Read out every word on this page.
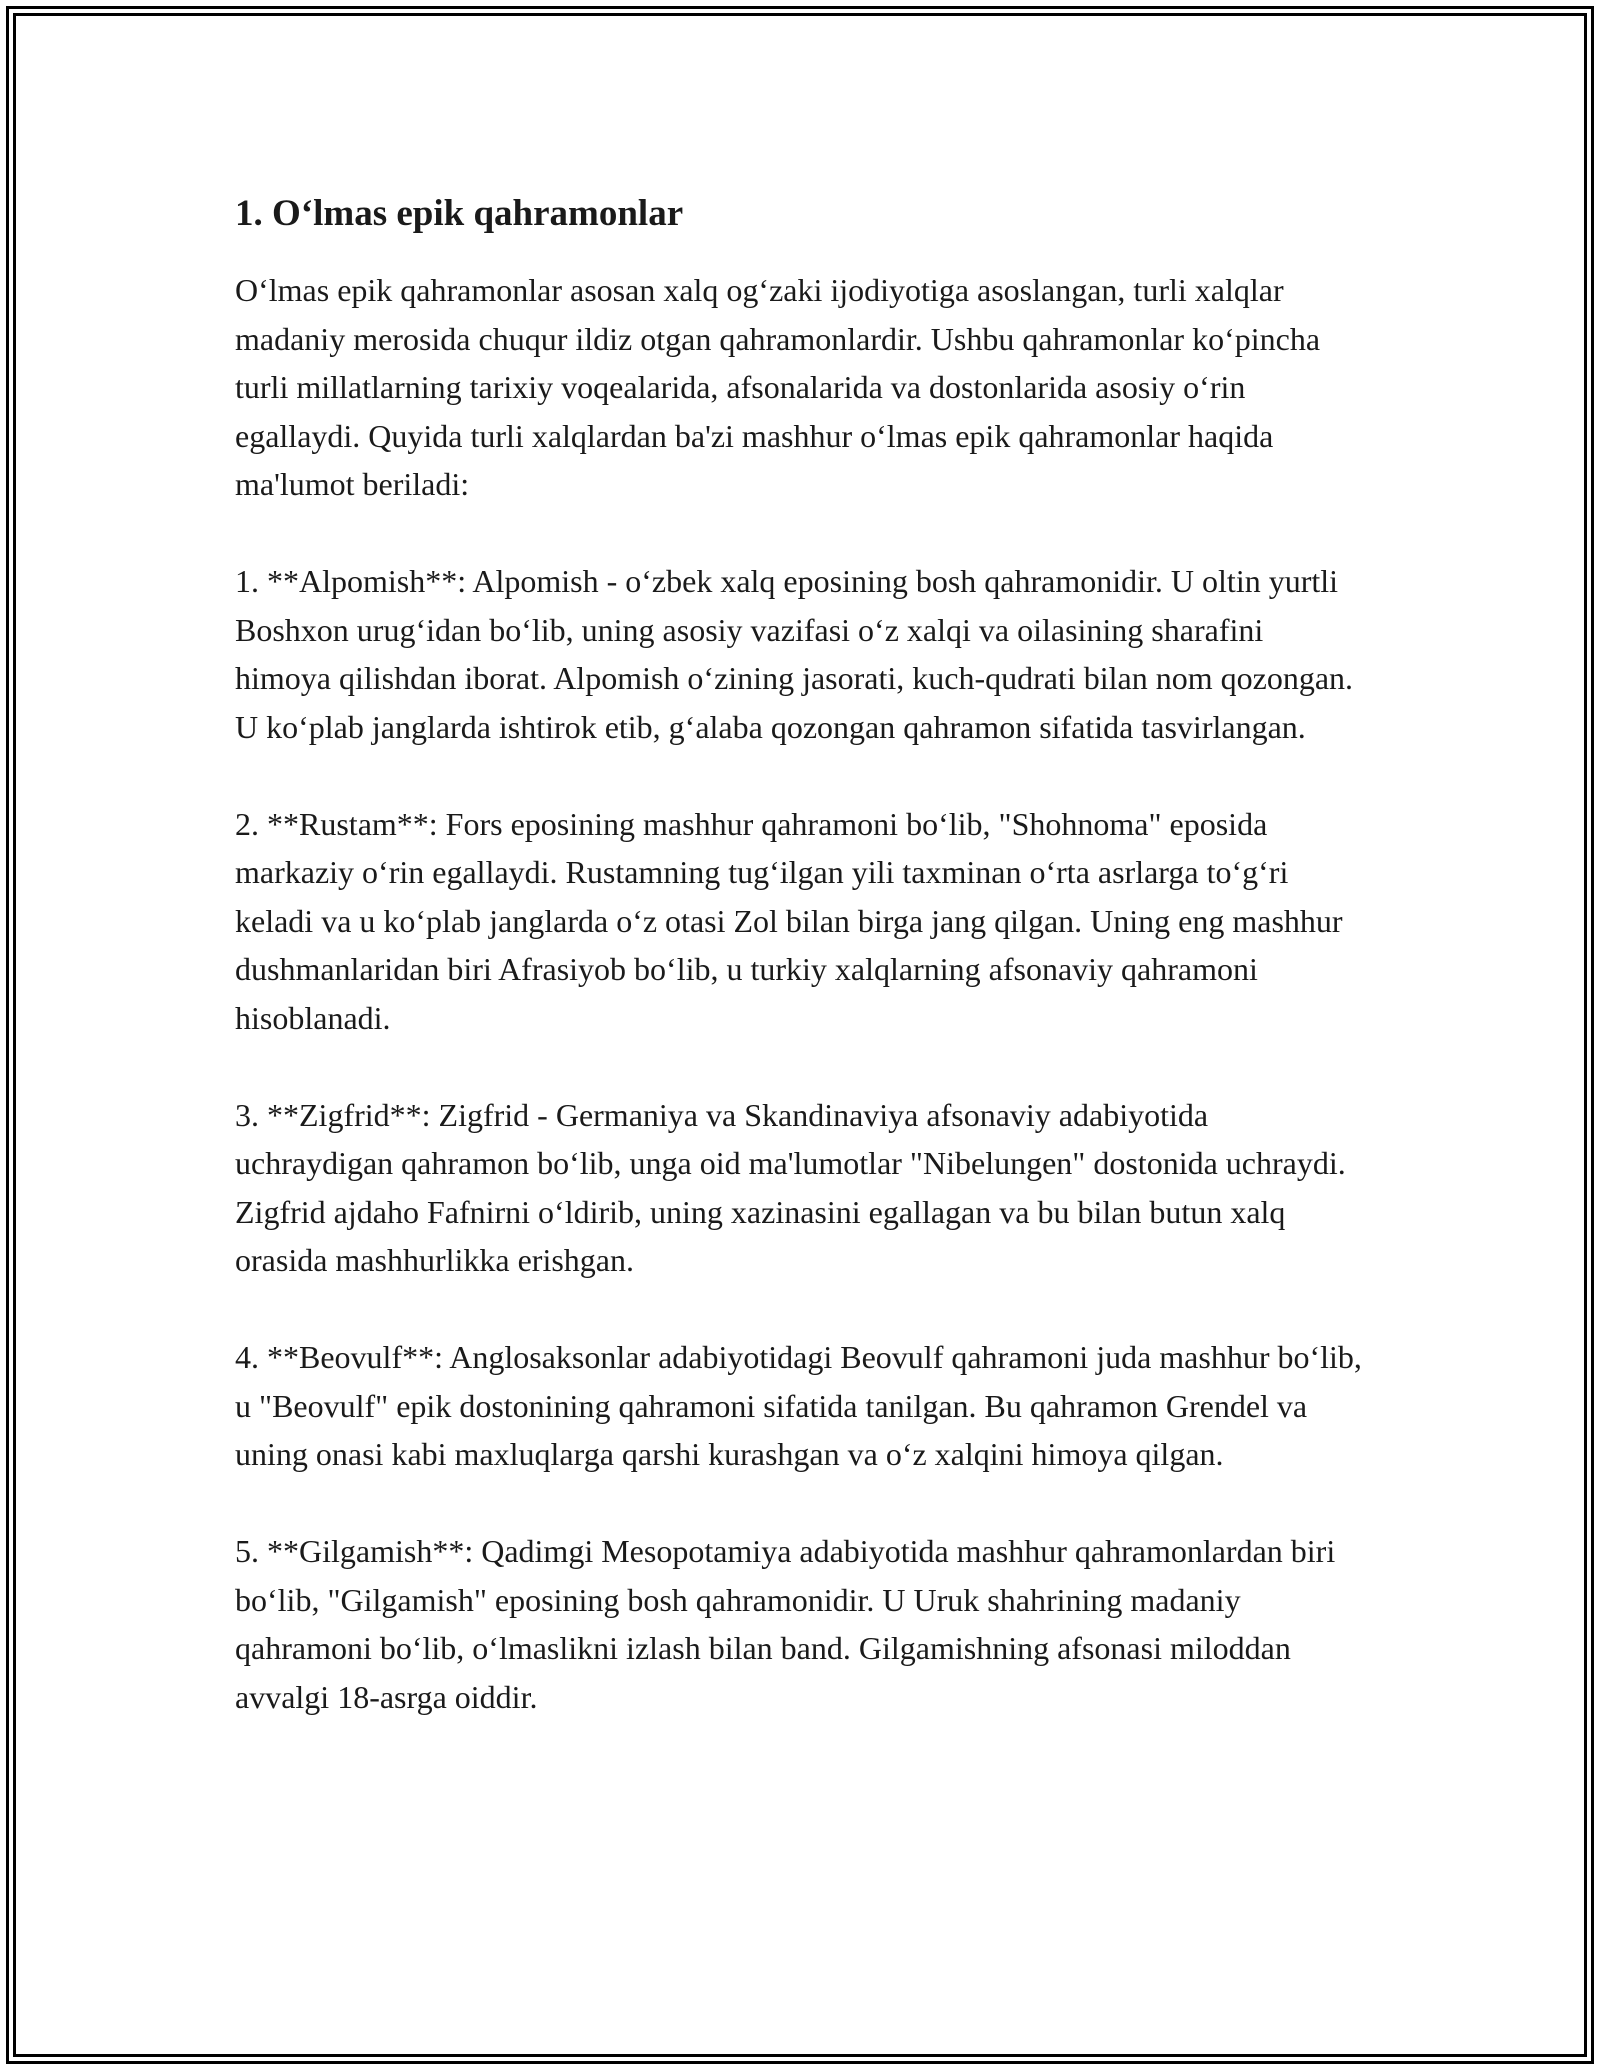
1. O‘lmas epik qahramonlar

O‘lmas epik qahramonlar asosan xalq og‘zaki ijodiyotiga asoslangan, turli xalqlar madaniy merosida chuqur ildiz otgan qahramonlardir. Ushbu qahramonlar ko‘pincha turli millatlarning tarixiy voqealarida, afsonalarida va dostonlarida asosiy o‘rin egallaydi. Quyida turli xalqlardan ba'zi mashhur o‘lmas epik qahramonlar haqida ma'lumot beriladi:

1. **Alpomish**: Alpomish - o‘zbek xalq eposining bosh qahramonidir. U oltin yurtli Boshxon urug‘idan bo‘lib, uning asosiy vazifasi o‘z xalqi va oilasining sharafini himoya qilishdan iborat. Alpomish o‘zining jasorati, kuch-qudrati bilan nom qozongan. U ko‘plab janglarda ishtirok etib, g‘alaba qozongan qahramon sifatida tasvirlangan.

2. **Rustam**: Fors eposining mashhur qahramoni bo‘lib, "Shohnoma" eposida markaziy o‘rin egallaydi. Rustamning tug‘ilgan yili taxminan o‘rta asrlarga to‘g‘ri keladi va u ko‘plab janglarda o‘z otasi Zol bilan birga jang qilgan. Uning eng mashhur dushmanlaridan biri Afrasiyob bo‘lib, u turkiy xalqlarning afsonaviy qahramoni hisoblanadi.

3. **Zigfrid**: Zigfrid - Germaniya va Skandinaviya afsonaviy adabiyotida uchraydigan qahramon bo‘lib, unga oid ma'lumotlar "Nibelungen" dostonida uchraydi. Zigfrid ajdaho Fafnirni o‘ldirib, uning xazinasini egallagan va bu bilan butun xalq orasida mashhurlikka erishgan.

4. **Beovulf**: Anglosaksonlar adabiyotidagi Beovulf qahramoni juda mashhur bo‘lib, u "Beovulf" epik dostonining qahramoni sifatida tanilgan. Bu qahramon Grendel va uning onasi kabi maxluqlarga qarshi kurashgan va o‘z xalqini himoya qilgan.

5. **Gilgamish**: Qadimgi Mesopotamiya adabiyotida mashhur qahramonlardan biri bo‘lib, "Gilgamish" eposining bosh qahramonidir. U Uruk shahrining madaniy qahramoni bo‘lib, o‘lmaslikni izlash bilan band. Gilgamishning afsonasi miloddan avvalgi 18-asrga oiddir.
